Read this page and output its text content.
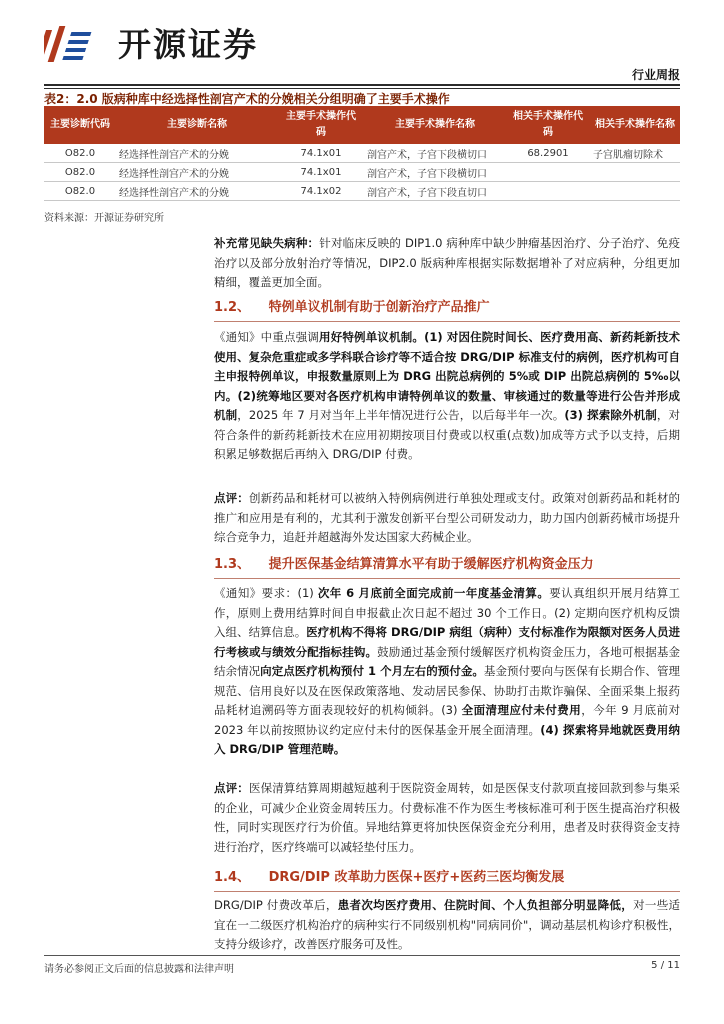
开源证券
行业周报
表2：2.0 版病种库中经选择性剖宫产术的分娩相关分组明确了主要手术操作
主要诊断代码	主要诊断名称	主要手术操作代码	主要手术操作名称	相关手术操作代码	相关手术操作名称
O82.0	经选择性剖宫产术的分娩	74.1x01	剖宫产术，子宫下段横切口	68.2901	子宫肌瘤切除术
O82.0	经选择性剖宫产术的分娩	74.1x01	剖宫产术，子宫下段横切口		
O82.0	经选择性剖宫产术的分娩	74.1x02	剖宫产术，子宫下段直切口		
资料来源：开源证券研究所
补充常见缺失病种：针对临床反映的 DIP1.0 病种库中缺少肿瘤基因治疗、分子治疗、免疫治疗以及部分放射治疗等情况，DIP2.0 版病种库根据实际数据增补了对应病种，分组更加精细，覆盖更加全面。
1.2、 特例单议机制有助于创新治疗产品推广
《通知》中重点强调用好特例单议机制。(1) 对因住院时间长、医疗费用高、新药耗新技术使用、复杂危重症或多学科联合诊疗等不适合按 DRG/DIP 标准支付的病例，医疗机构可自主申报特例单议，申报数量原则上为 DRG 出院总病例的 5%或 DIP 出院总病例的 5‰以内。(2)统筹地区要对各医疗机构申请特例单议的数量、审核通过的数量等进行公告并形成机制，2025 年 7 月对当年上半年情况进行公告，以后每半年一次。(3) 探索除外机制，对符合条件的新药耗新技术在应用初期按项目付费或以权重(点数)加成等方式予以支持，后期积累足够数据后再纳入 DRG/DIP 付费。
点评：创新药品和耗材可以被纳入特例病例进行单独处理或支付。政策对创新药品和耗材的推广和应用是有利的，尤其利于激发创新平台型公司研发动力，助力国内创新药械市场提升综合竞争力，追赶并超越海外发达国家大药械企业。
1.3、 提升医保基金结算清算水平有助于缓解医疗机构资金压力
《通知》要求：(1) 次年 6 月底前全面完成前一年度基金清算。要认真组织开展月结算工作，原则上费用结算时间自申报截止次日起不超过 30 个工作日。(2) 定期向医疗机构反馈入组、结算信息。医疗机构不得将 DRG/DIP 病组（病种）支付标准作为限额对医务人员进行考核或与绩效分配指标挂钩。鼓励通过基金预付缓解医疗机构资金压力，各地可根据基金结余情况向定点医疗机构预付 1 个月左右的预付金。基金预付要向与医保有长期合作、管理规范、信用良好以及在医保政策落地、发动居民参保、协助打击欺诈骗保、全面采集上报药品耗材追溯码等方面表现较好的机构倾斜。(3) 全面清理应付未付费用，今年 9 月底前对 2023 年以前按照协议约定应付未付的医保基金开展全面清理。(4) 探索将异地就医费用纳入 DRG/DIP 管理范畴。
点评：医保清算结算周期越短越利于医院资金周转，如是医保支付款项直接回款到参与集采的企业，可减少企业资金周转压力。付费标准不作为医生考核标准可利于医生提高治疗积极性，同时实现医疗行为价值。异地结算更将加快医保资金充分利用，患者及时获得资金支持进行治疗，医疗终端可以减轻垫付压力。
1.4、 DRG/DIP 改革助力医保+医疗+医药三医均衡发展
DRG/DIP 付费改革后，患者次均医疗费用、住院时间、个人负担部分明显降低，对一些适宜在一二级医疗机构治疗的病种实行不同级别机构"同病同价"，调动基层机构诊疗积极性，支持分级诊疗，改善医疗服务可及性。
请务必参阅正文后面的信息披露和法律声明	5 / 11
